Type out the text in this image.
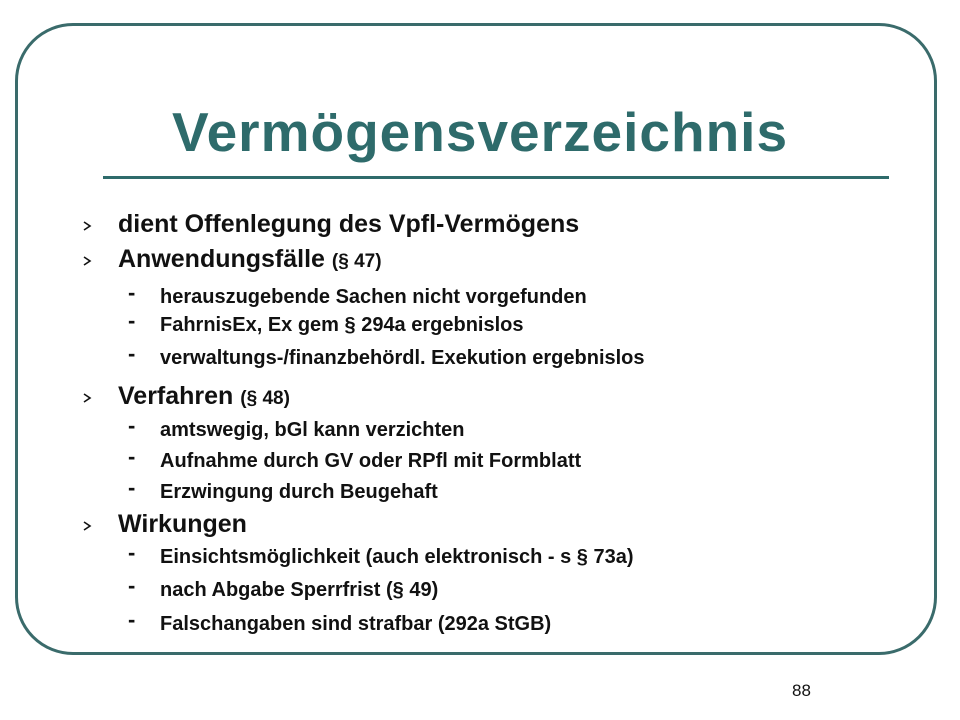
Vermögensverzeichnis
dient Offenlegung des Vpfl-Vermögens
Anwendungsfälle (§ 47)
- herauszugebende Sachen nicht vorgefunden
- FahrnisEx, Ex gem § 294a ergebnislos
- verwaltungs-/finanzbehördl. Exekution ergebnislos
Verfahren (§ 48)
- amtswegig, bGl kann verzichten
- Aufnahme durch GV oder RPfl mit Formblatt
- Erzwingung durch Beugehaft
Wirkungen
- Einsichtsmöglichkeit (auch elektronisch - s § 73a)
- nach Abgabe Sperrfrist (§ 49)
- Falschangaben sind strafbar (292a StGB)
88
